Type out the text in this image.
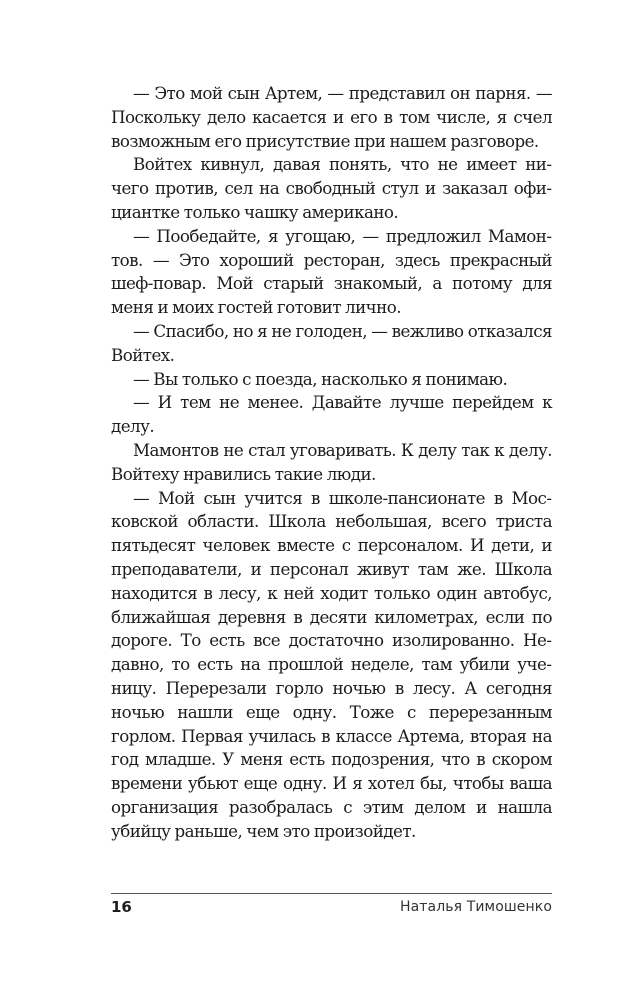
— Это мой сын Артем, — представил он парня. — Поскольку дело касается и его в том числе, я счел возможным его присутствие при нашем разговоре.

Войтех кивнул, давая понять, что не имеет ничего против, сел на свободный стул и заказал официантке только чашку американо.

— Пообедайте, я угощаю, — предложил Мамонтов. — Это хороший ресторан, здесь прекрасный шеф-повар. Мой старый знакомый, а потому для меня и моих гостей готовит лично.

— Спасибо, но я не голоден, — вежливо отказался Войтех.

— Вы только с поезда, насколько я понимаю.

— И тем не менее. Давайте лучше перейдем к делу.

Мамонтов не стал уговаривать. К делу так к делу. Войтеху нравились такие люди.

— Мой сын учится в школе-пансионате в Московской области. Школа небольшая, всего триста пятьдесят человек вместе с персоналом. И дети, и преподаватели, и персонал живут там же. Школа находится в лесу, к ней ходит только один автобус, ближайшая деревня в десяти километрах, если по дороге. То есть все достаточно изолированно. Недавно, то есть на прошлой неделе, там убили ученицу. Перерезали горло ночью в лесу. А сегодня ночью нашли еще одну. Тоже с перерезанным горлом. Первая училась в классе Артема, вторая на год младше. У меня есть подозрения, что в скором времени убьют еще одну. И я хотел бы, чтобы ваша организация разобралась с этим делом и нашла убийцу раньше, чем это произойдет.

16	Наталья Тимошенко
